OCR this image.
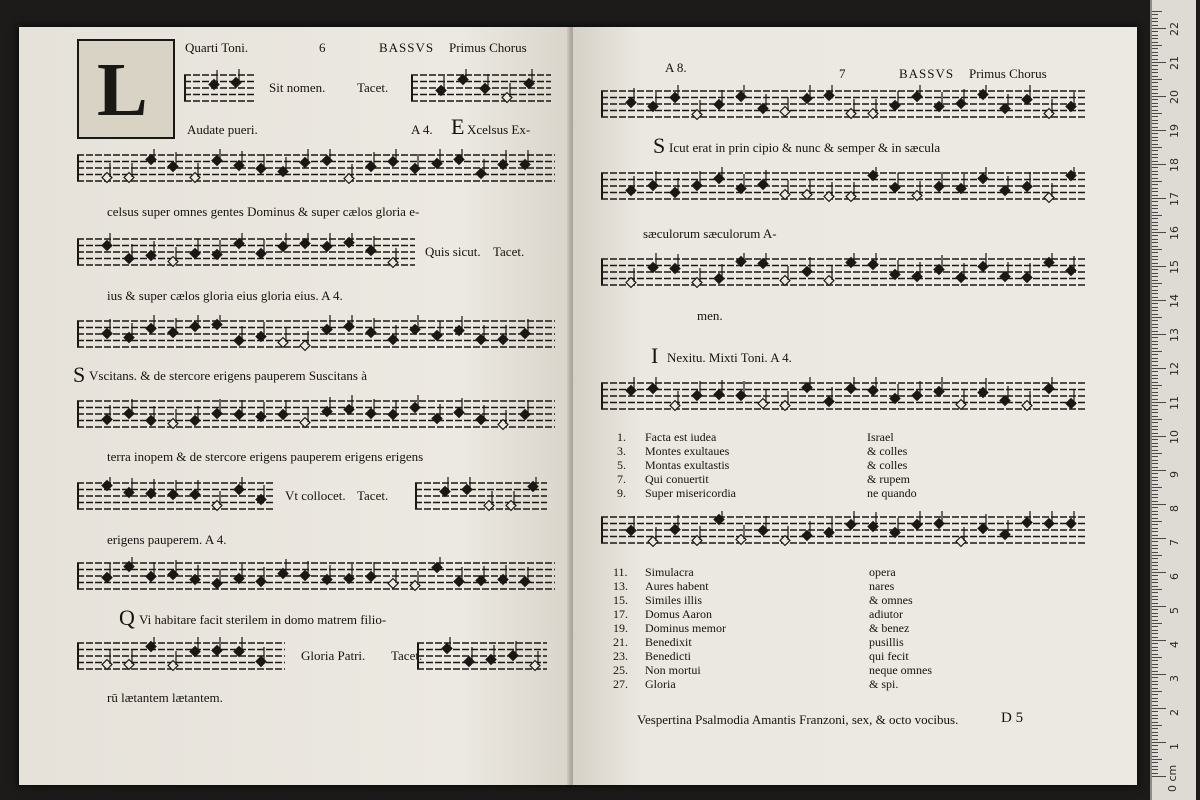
L
Quarti Toni.	6	BASSVS Primus Chorus
Sit nomen. Tacet.
Audate pueri.	A 4. E Xcelsus Ex-
celsus super omnes gentes Dominus & super cælos gloria e-
Quis sicut. Tacet.
ius & super cælos gloria eius gloria eius. A 4.
S Vscitans. & de stercore erigens pauperem Suscitans à
terra inopem & de stercore erigens pauperem erigens erigens
Vt collocet. Tacet.
erigens pauperem. A 4.
Q Vi habitare facit sterilem in domo matrem filio-
Gloria Patri. Tacet.
rū lætantem lætantem.
A 8.	7	BASSVS Primus Chorus
S Icut erat in prin cipio & nunc & semper & in sæcula
sæculorum sæculorum A-
men.
I Nexitu. Mixti Toni. A 4.
1. Facta est iudea	Israel
3. Montes exultaues	& colles
5. Montas exultastis	& colles
7. Qui conuertit	& rupem
9. Super misericordia	ne quando
11. Simulacra	opera
13. Aures habent	nares
15. Similes illis	& omnes
17. Domus Aaron	adiutor
19. Dominus memor	& benez
21. Benedixit	pusillis
23. Benedicti	qui fecit
25. Non mortui	neque omnes
27. Gloria	& spi.
Vespertina Psalmodia Amantis Franzoni, sex, & octo vocibus.	D 5
0 cm
1
2
3
4
5
6
7
8
9
10
11
12
13
14
15
16
17
18
19
20
21
22
